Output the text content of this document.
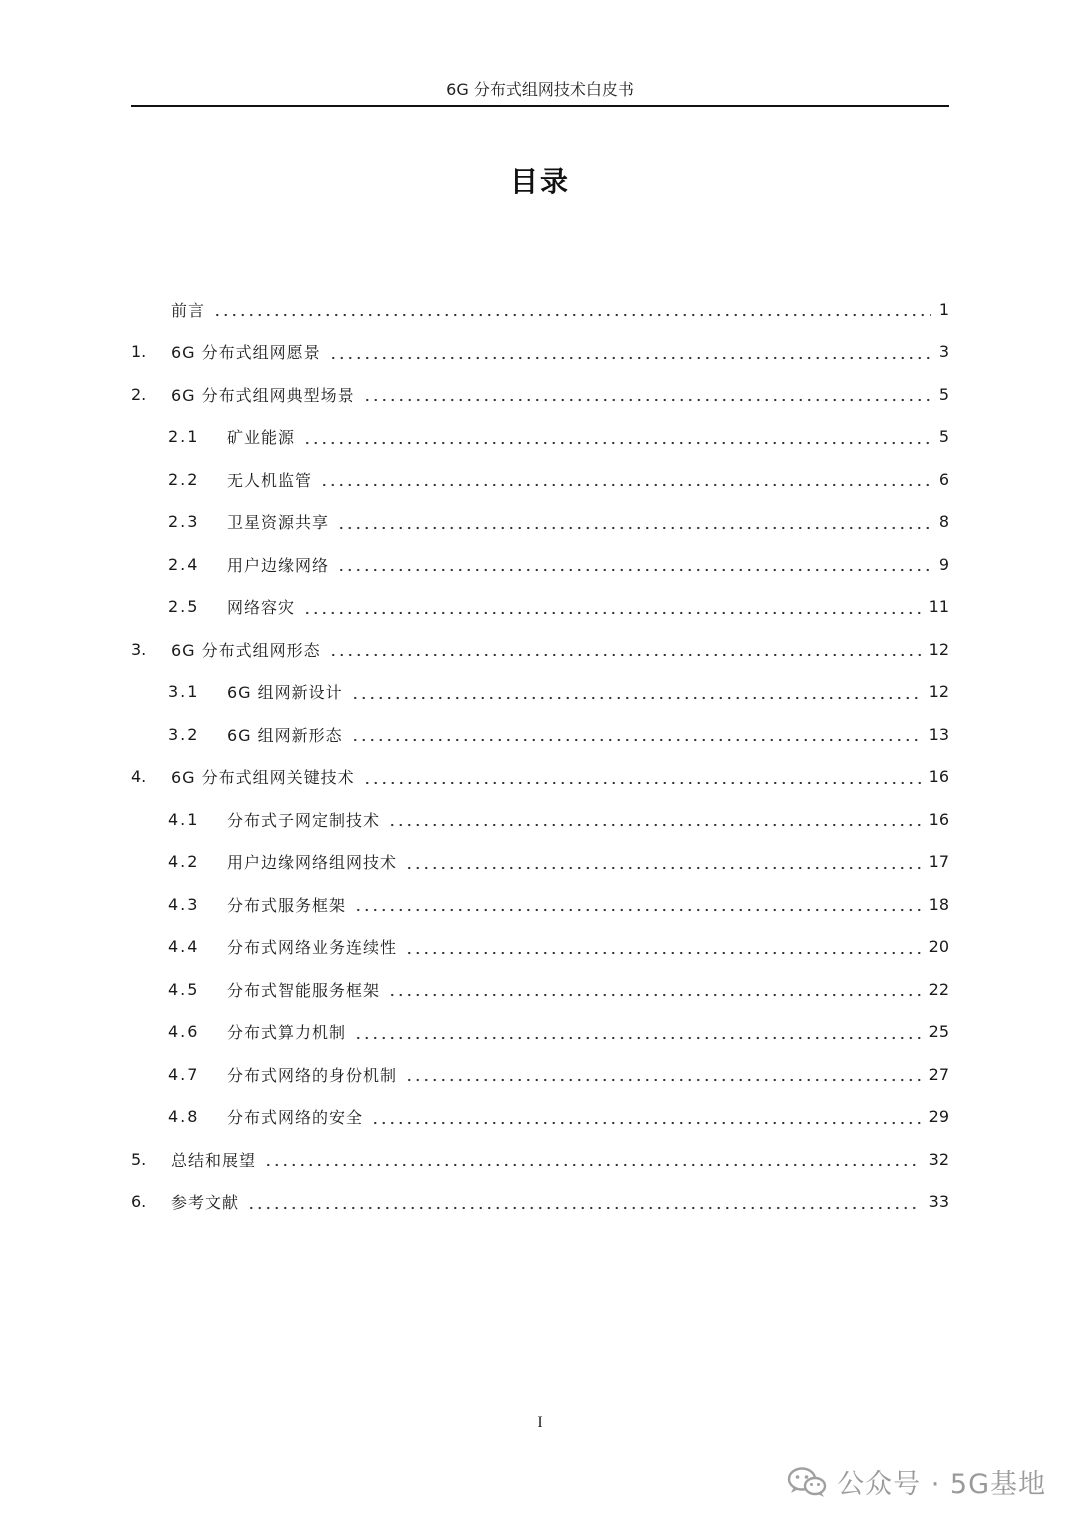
6G 分布式组网技术白皮书
目录
前言	1
1.	6G 分布式组网愿景	3
2.	6G 分布式组网典型场景	5
2.1	矿业能源	5
2.2	无人机监管	6
2.3	卫星资源共享	8
2.4	用户边缘网络	9
2.5	网络容灾	11
3.	6G 分布式组网形态	12
3.1	6G 组网新设计	12
3.2	6G 组网新形态	13
4.	6G 分布式组网关键技术	16
4.1	分布式子网定制技术	16
4.2	用户边缘网络组网技术	17
4.3	分布式服务框架	18
4.4	分布式网络业务连续性	20
4.5	分布式智能服务框架	22
4.6	分布式算力机制	25
4.7	分布式网络的身份机制	27
4.8	分布式网络的安全	29
5.	总结和展望	32
6.	参考文献	33
I
公众号 · 5G基地
